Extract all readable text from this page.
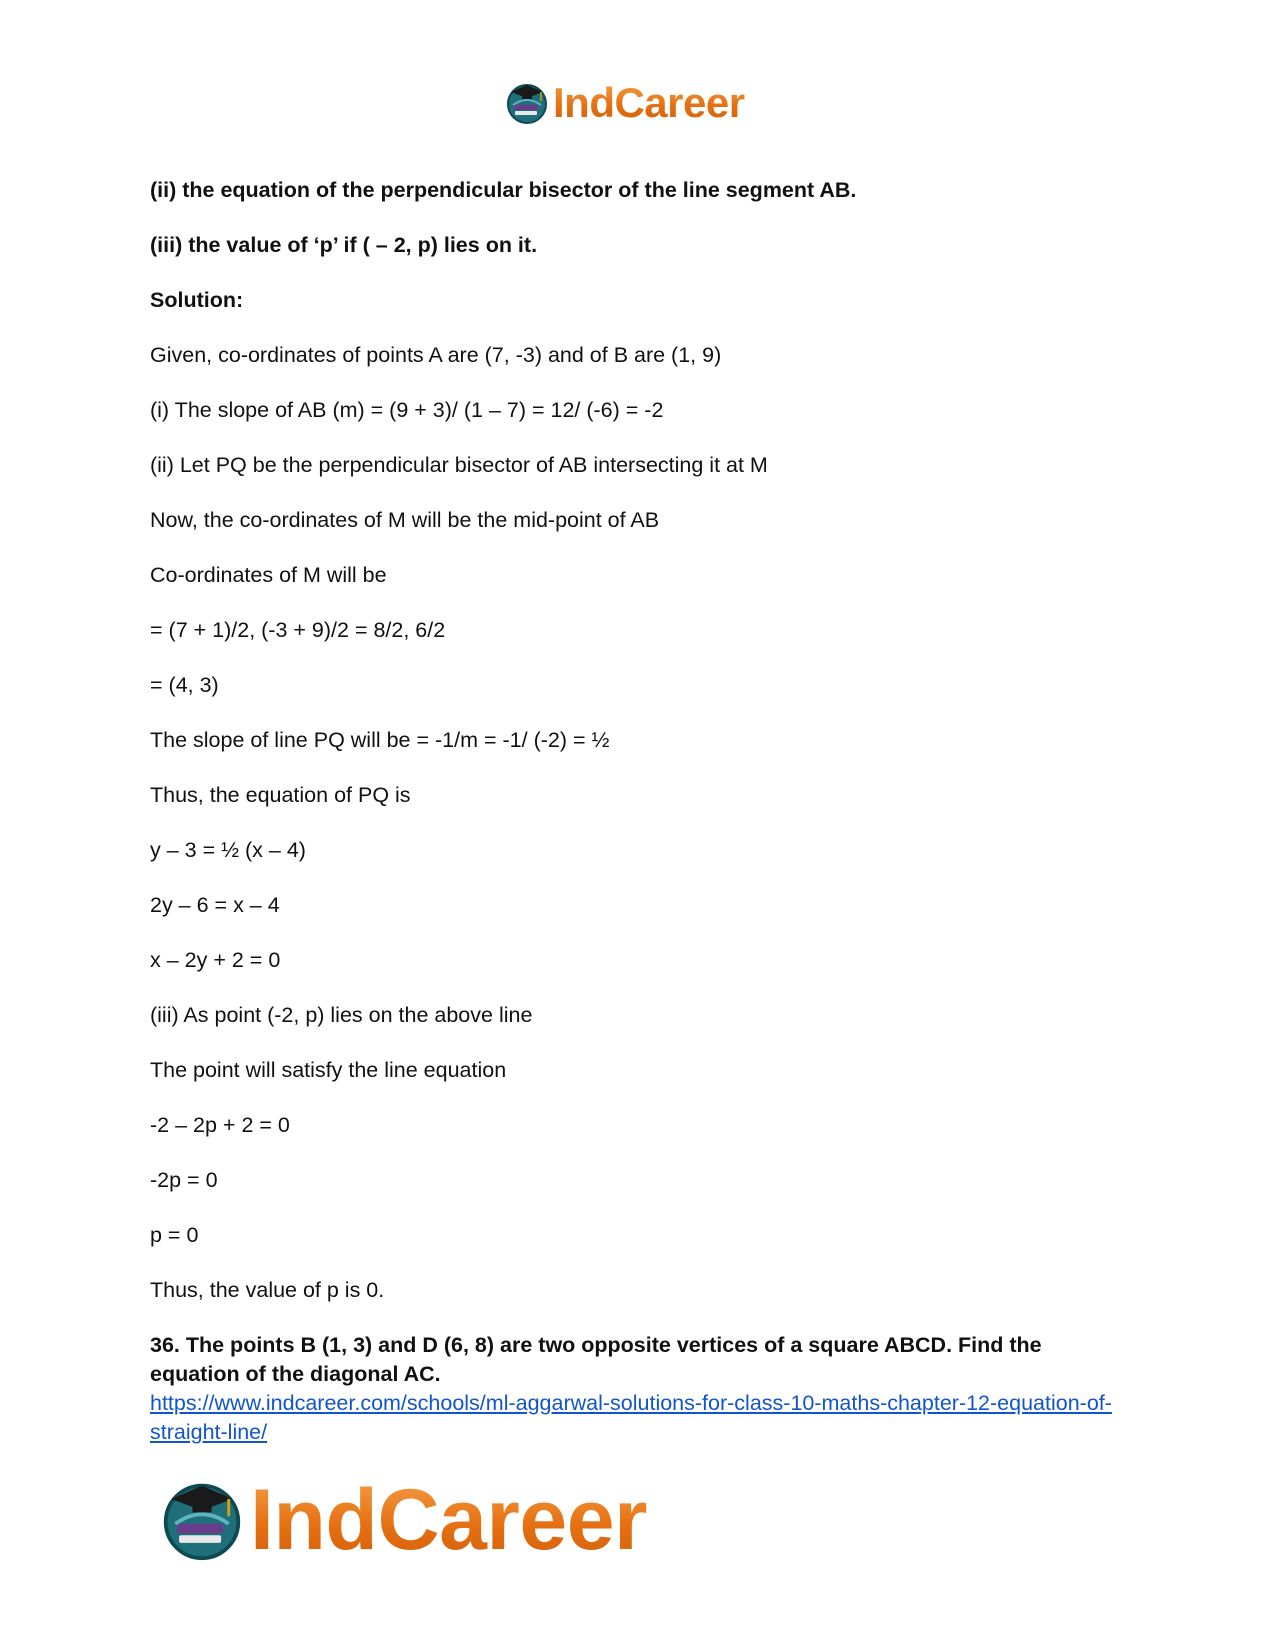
IndCareer
(ii) the equation of the perpendicular bisector of the line segment AB.
(iii) the value of ‘p’ if ( – 2, p) lies on it.
Solution:
Given, co-ordinates of points A are (7, -3) and of B are (1, 9)
(i) The slope of AB (m) = (9 + 3)/ (1 – 7) = 12/ (-6) = -2
(ii) Let PQ be the perpendicular bisector of AB intersecting it at M
Now, the co-ordinates of M will be the mid-point of AB
Co-ordinates of M will be
= (7 + 1)/2, (-3 + 9)/2 = 8/2, 6/2
= (4, 3)
The slope of line PQ will be = -1/m = -1/ (-2) = ½
Thus, the equation of PQ is
y – 3 = ½ (x – 4)
2y – 6 = x – 4
x – 2y + 2 = 0
(iii) As point (-2, p) lies on the above line
The point will satisfy the line equation
-2 – 2p + 2 = 0
-2p = 0
p = 0
Thus, the value of p is 0.
36. The points B (1, 3) and D (6, 8) are two opposite vertices of a square ABCD. Find the equation of the diagonal AC.
https://www.indcareer.com/schools/ml-aggarwal-solutions-for-class-10-maths-chapter-12-equation-of-straight-line/
IndCareer
